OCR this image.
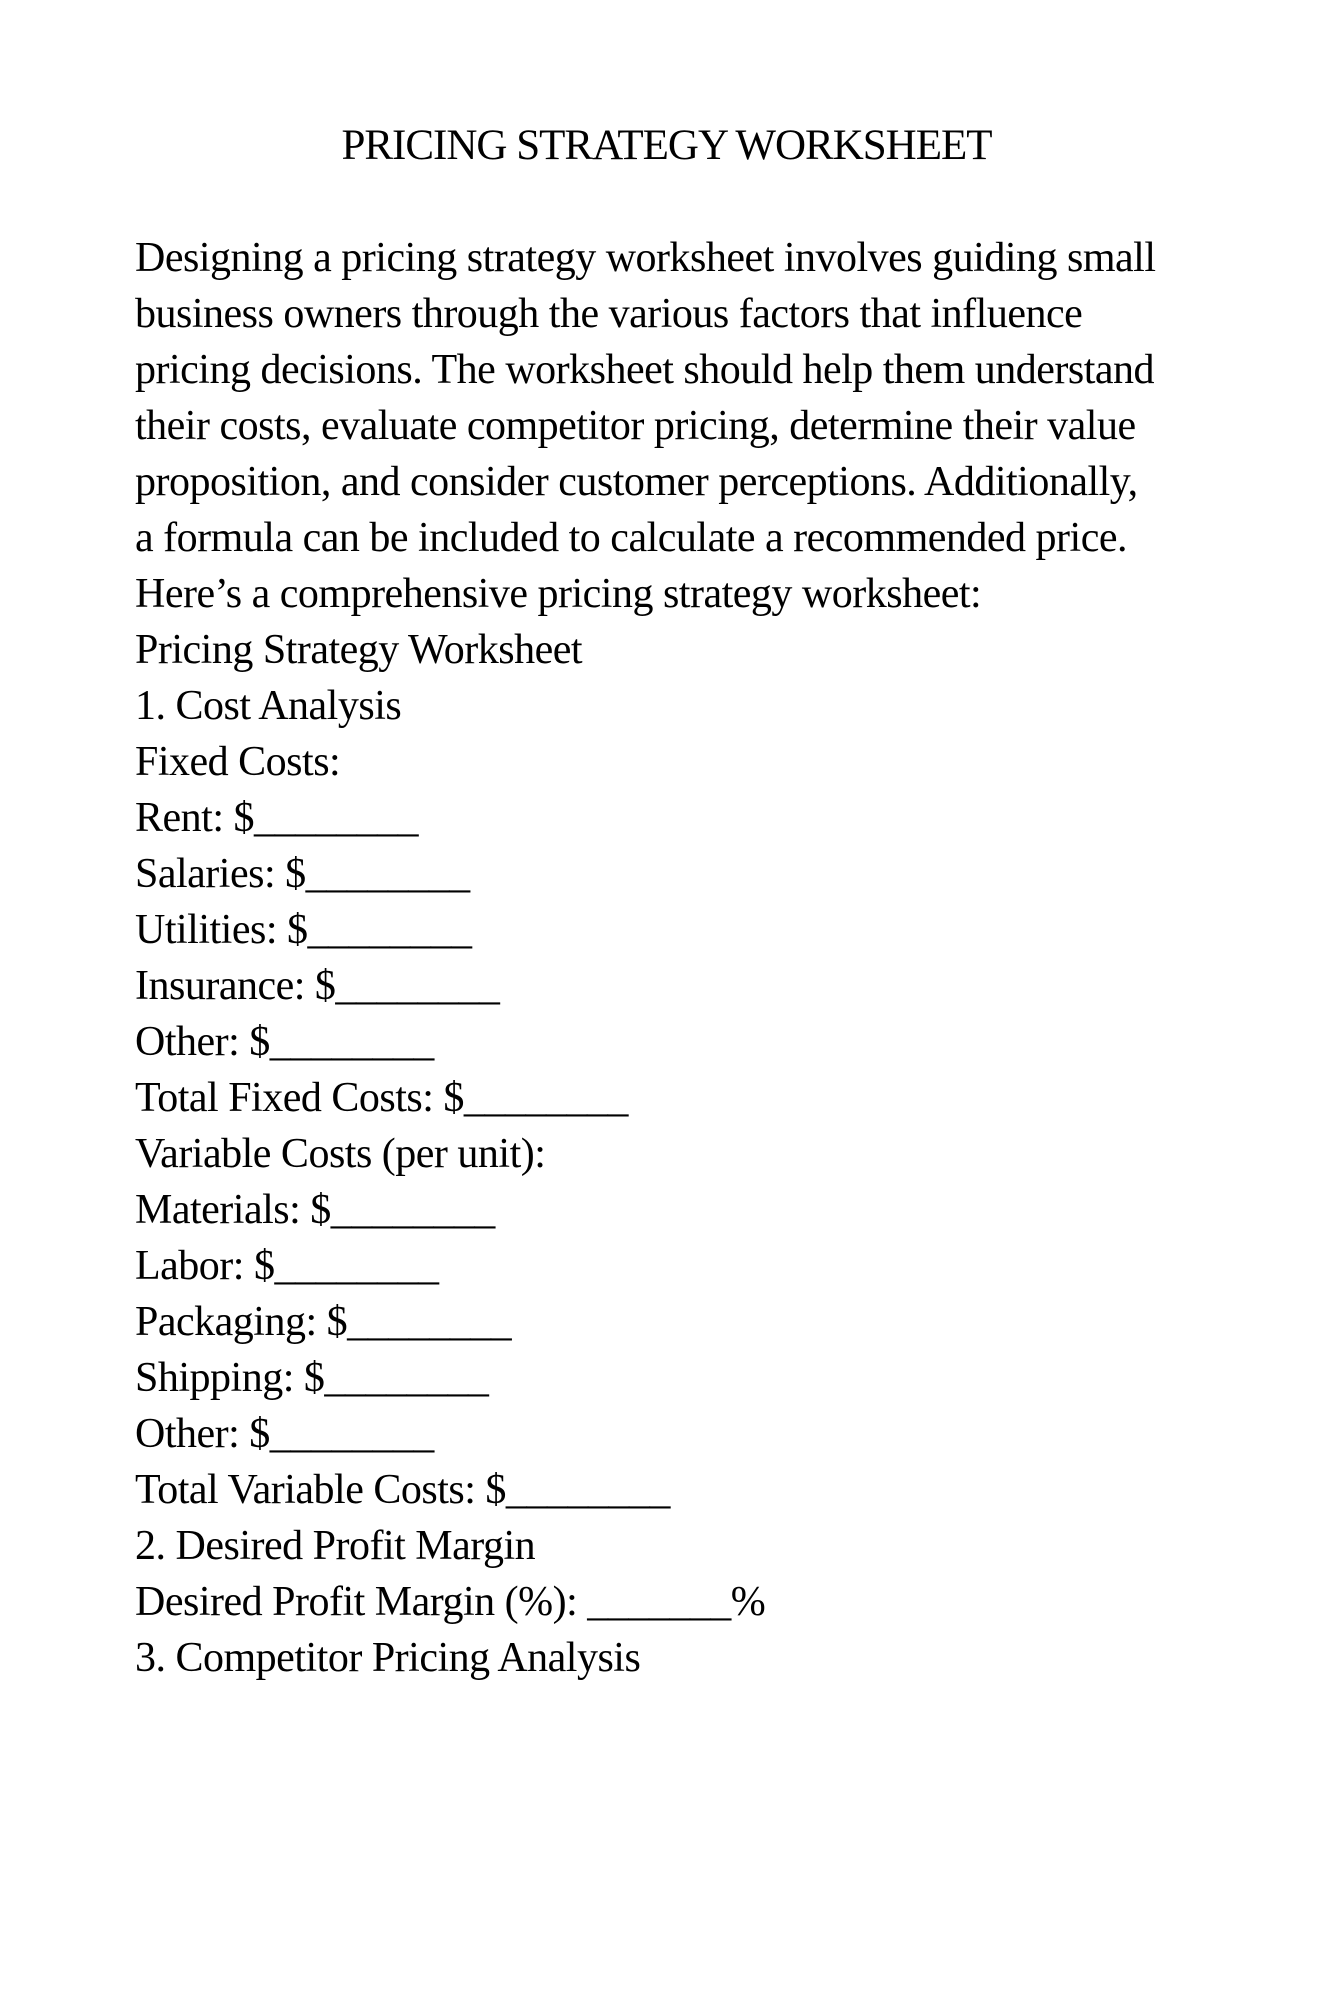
PRICING STRATEGY WORKSHEET
Designing a pricing strategy worksheet involves guiding small
business owners through the various factors that influence
pricing decisions. The worksheet should help them understand
their costs, evaluate competitor pricing, determine their value
proposition, and consider customer perceptions. Additionally,
a formula can be included to calculate a recommended price.
Here’s a comprehensive pricing strategy worksheet:
Pricing Strategy Worksheet
1. Cost Analysis
Fixed Costs:
Rent: $________
Salaries: $________
Utilities: $________
Insurance: $________
Other: $________
Total Fixed Costs: $________
Variable Costs (per unit):
Materials: $________
Labor: $________
Packaging: $________
Shipping: $________
Other: $________
Total Variable Costs: $________
2. Desired Profit Margin
Desired Profit Margin (%): _______%
3. Competitor Pricing Analysis
